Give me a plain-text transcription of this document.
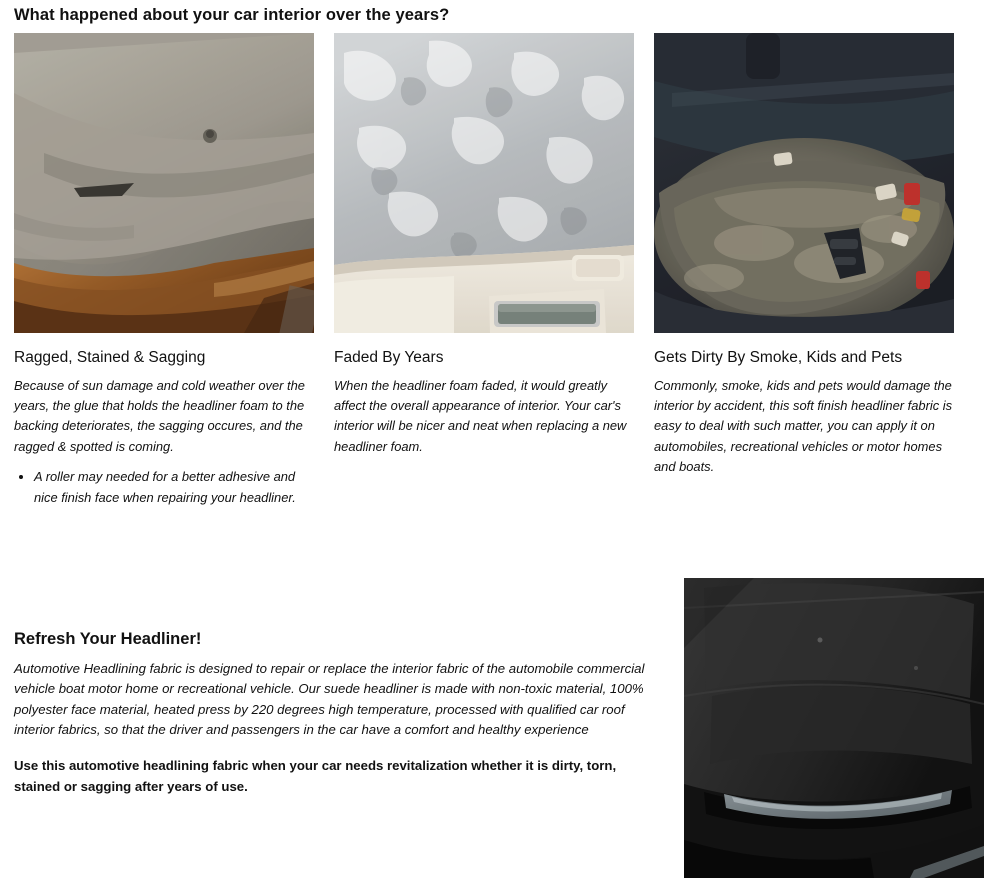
What happened about your car interior over the years?
Ragged, Stained & Sagging

Because of sun damage and cold weather over the years, the glue that holds the headliner foam to the backing deteriorates, the sagging occures, and the ragged & spotted is coming.

• A roller may needed for a better adhesive and nice finish face when repairing your headliner.
Faded By Years

When the headliner foam faded, it would greatly affect the overall appearance of interior. Your car's interior will be nicer and neat when replacing a new headliner foam.

Gets Dirty By Smoke, Kids and Pets

Commonly, smoke, kids and pets would damage the interior by accident, this soft finish headliner fabric is easy to deal with such matter, you can apply it on automobiles, recreational vehicles or motor homes and boats.

Refresh Your Headliner!

Automotive Headlining fabric is designed to repair or replace the interior fabric of the automobile commercial vehicle boat motor home or recreational vehicle. Our suede headliner is made with non-toxic material, 100% polyester face material, heated press by 220 degrees high temperature, processed with qualified car roof interior fabrics, so that the driver and passengers in the car have a comfort and healthy experience

Use this automotive headlining fabric when your car needs revitalization whether it is dirty, torn, stained or sagging after years of use.
